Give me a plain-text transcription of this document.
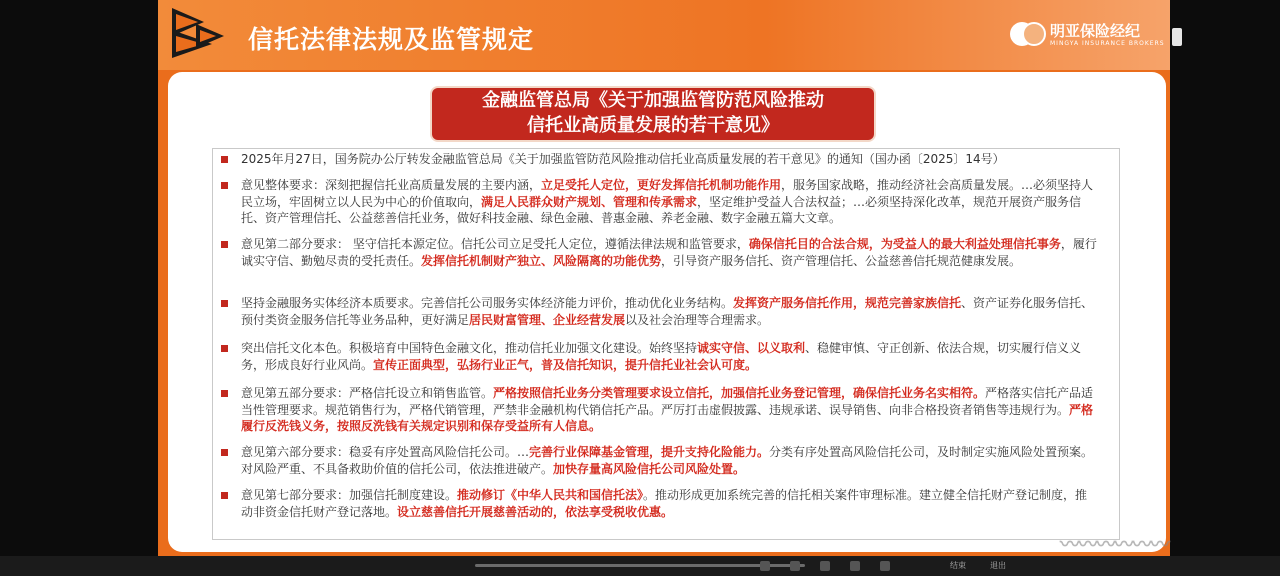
信托法律法规及监管规定	明亚保险经纪
MINGYA INSURANCE BROKERS
金融监管总局《关于加强监管防范风险推动
信托业高质量发展的若干意见》
2025年月27日，国务院办公厅转发金融监管总局《关于加强监管防范风险推动信托业高质量发展的若干意见》的通知（国办函〔2025〕14号）
意见整体要求：深刻把握信托业高质量发展的主要内涵，立足受托人定位，更好发挥信托机制功能作用，服务国家战略，推动经济社会高质量发展。…必须坚持人民立场，牢固树立以人民为中心的价值取向，满足人民群众财产规划、管理和传承需求，坚定维护受益人合法权益；…必须坚持深化改革，规范开展资产服务信托、资产管理信托、公益慈善信托业务，做好科技金融、绿色金融、普惠金融、养老金融、数字金融五篇大文章。
意见第二部分要求： 坚守信托本源定位。信托公司立足受托人定位，遵循法律法规和监管要求，确保信托目的合法合规，为受益人的最大利益处理信托事务，履行诚实守信、勤勉尽责的受托责任。发挥信托机制财产独立、风险隔离的功能优势，引导资产服务信托、资产管理信托、公益慈善信托规范健康发展。
坚持金融服务实体经济本质要求。完善信托公司服务实体经济能力评价，推动优化业务结构。发挥资产服务信托作用，规范完善家族信托、资产证券化服务信托、预付类资金服务信托等业务品种，更好满足居民财富管理、企业经营发展以及社会治理等合理需求。
突出信托文化本色。积极培育中国特色金融文化，推动信托业加强文化建设。始终坚持诚实守信、以义取利、稳健审慎、守正创新、依法合规，切实履行信义义务，形成良好行业风尚。宣传正面典型，弘扬行业正气，普及信托知识，提升信托业社会认可度。
意见第五部分要求：严格信托设立和销售监管。严格按照信托业务分类管理要求设立信托，加强信托业务登记管理，确保信托业务名实相符。严格落实信托产品适当性管理要求。规范销售行为，严格代销管理，严禁非金融机构代销信托产品。严厉打击虚假披露、违规承诺、误导销售、向非合格投资者销售等违规行为。严格履行反洗钱义务，按照反洗钱有关规定识别和保存受益所有人信息。
意见第六部分要求：稳妥有序处置高风险信托公司。…完善行业保障基金管理，提升支持化险能力。分类有序处置高风险信托公司，及时制定实施风险处置预案。对风险严重、不具备救助价值的信托公司，依法推进破产。加快存量高风险信托公司风险处置。
意见第七部分要求：加强信托制度建设。推动修订《中华人民共和国信托法》。推动形成更加系统完善的信托相关案件审理标准。建立健全信托财产登记制度，推动非资金信托财产登记落地。设立慈善信托开展慈善活动的，依法享受税收优惠。
〰〰〰〰〰〰
结束	退出
